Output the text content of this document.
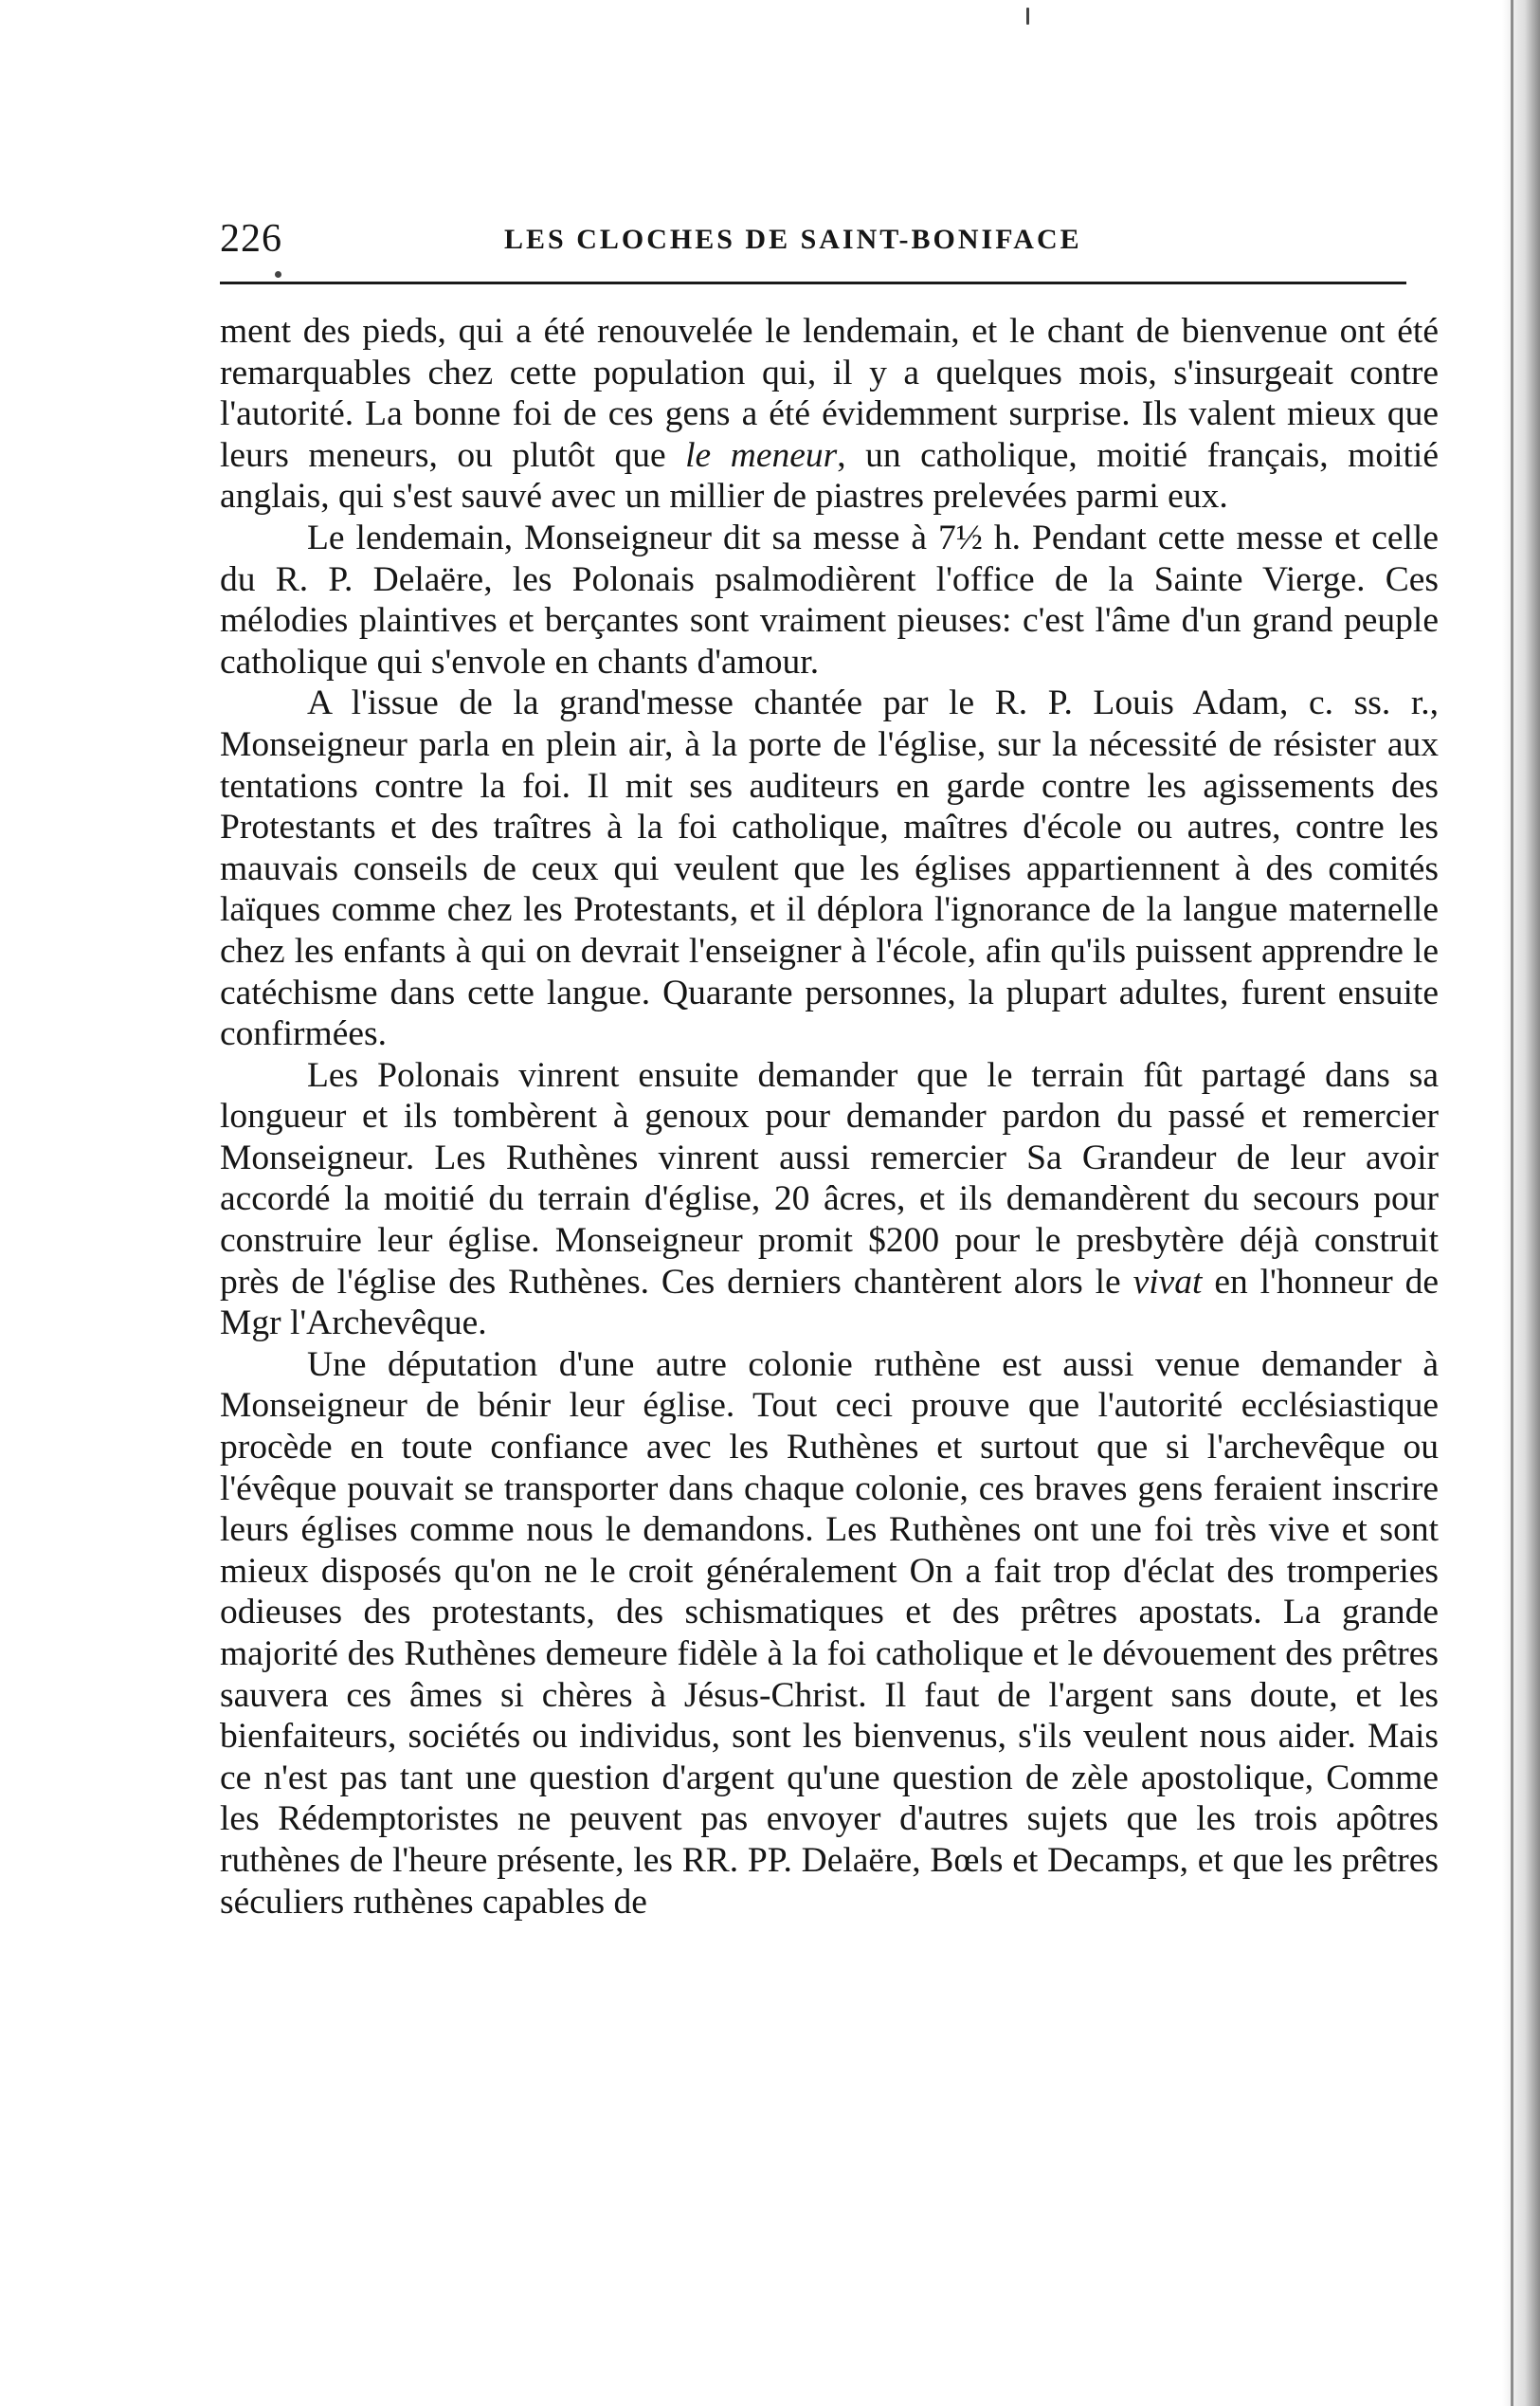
226	LES CLOCHES DE SAINT-BONIFACE

ment des pieds, qui a été renouvelée le lendemain, et le chant de bienvenue ont été remarquables chez cette population qui, il y a quelques mois, s'insurgeait contre l'autorité. La bonne foi de ces gens a été évidemment surprise. Ils valent mieux que leurs meneurs, ou plutôt que le meneur, un catholique, moitié français, moitié anglais, qui s'est sauvé avec un millier de piastres prelevées parmi eux.

Le lendemain, Monseigneur dit sa messe à 7½ h. Pendant cette messe et celle du R. P. Delaëre, les Polonais psalmodièrent l'office de la Sainte Vierge. Ces mélodies plaintives et berçantes sont vraiment pieuses: c'est l'âme d'un grand peuple catholique qui s'envole en chants d'amour.

A l'issue de la grand'messe chantée par le R. P. Louis Adam, c. ss. r., Monseigneur parla en plein air, à la porte de l'église, sur la nécessité de résister aux tentations contre la foi. Il mit ses auditeurs en garde contre les agissements des Protestants et des traîtres à la foi catholique, maîtres d'école ou autres, contre les mauvais conseils de ceux qui veulent que les églises appartiennent à des comités laïques comme chez les Protestants, et il déplora l'ignorance de la langue maternelle chez les enfants à qui on devrait l'enseigner à l'école, afin qu'ils puissent apprendre le catéchisme dans cette langue. Quarante personnes, la plupart adultes, furent ensuite confirmées.

Les Polonais vinrent ensuite demander que le terrain fût partagé dans sa longueur et ils tombèrent à genoux pour demander pardon du passé et remercier Monseigneur. Les Ruthènes vinrent aussi remercier Sa Grandeur de leur avoir accordé la moitié du terrain d'église, 20 âcres, et ils demandèrent du secours pour construire leur église. Monseigneur promit $200 pour le presbytère déjà construit près de l'église des Ruthènes. Ces derniers chantèrent alors le vivat en l'honneur de Mgr l'Archevêque.

Une députation d'une autre colonie ruthène est aussi venue demander à Monseigneur de bénir leur église. Tout ceci prouve que l'autorité ecclésiastique procède en toute confiance avec les Ruthènes et surtout que si l'archevêque ou l'évêque pouvait se transporter dans chaque colonie, ces braves gens feraient inscrire leurs églises comme nous le demandons. Les Ruthènes ont une foi très vive et sont mieux disposés qu'on ne le croit généralement On a fait trop d'éclat des tromperies odieuses des protestants, des schismatiques et des prêtres apostats. La grande majorité des Ruthènes demeure fidèle à la foi catholique et le dévouement des prêtres sauvera ces âmes si chères à Jésus-Christ. Il faut de l'argent sans doute, et les bienfaiteurs, sociétés ou individus, sont les bienvenus, s'ils veulent nous aider. Mais ce n'est pas tant une question d'argent qu'une question de zèle apostolique, Comme les Rédemptoristes ne peuvent pas envoyer d'autres sujets que les trois apôtres ruthènes de l'heure présente, les RR. PP. Delaëre, Bœls et Decamps, et que les prêtres séculiers ruthènes capables de
